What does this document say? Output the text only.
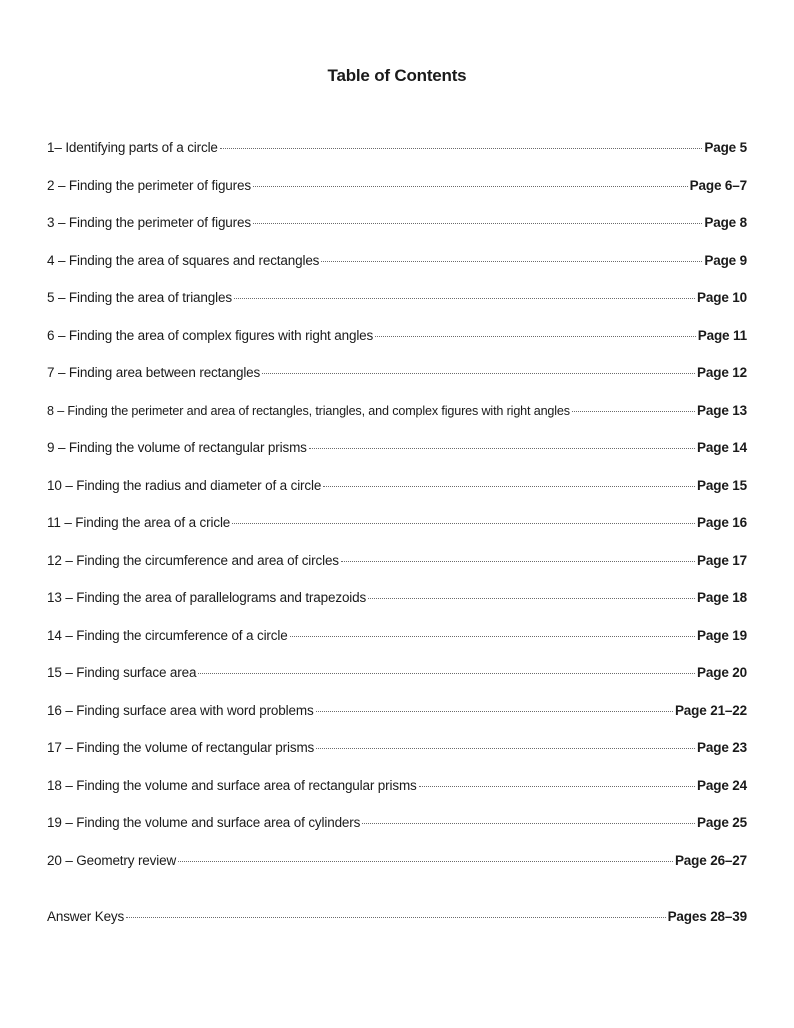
Table of Contents
1– Identifying parts of a circle	Page 5
2 – Finding the perimeter of figures	Page 6–7
3 – Finding the perimeter of figures	Page 8
4 – Finding the area of squares and rectangles	Page 9
5 – Finding the area of triangles	Page 10
6 – Finding the area of complex figures with right angles	Page 11
7 – Finding area between rectangles	Page 12
8 – Finding the perimeter and area of rectangles, triangles, and complex figures with right angles	Page 13
9 – Finding the volume of rectangular prisms	Page 14
10 – Finding the radius and diameter of a circle	Page 15
11 – Finding the area of a cricle	Page 16
12 – Finding the circumference and area of circles	Page 17
13 – Finding the area of parallelograms and trapezoids	Page 18
14 – Finding the circumference of a circle	Page 19
15 – Finding surface area	Page 20
16 – Finding surface area with word problems	Page 21–22
17 – Finding the volume of rectangular prisms	Page 23
18 – Finding the volume and surface area of rectangular prisms	Page 24
19 – Finding the volume and surface area of cylinders	Page 25
20 – Geometry review	Page 26–27
Answer Keys	Pages 28–39
